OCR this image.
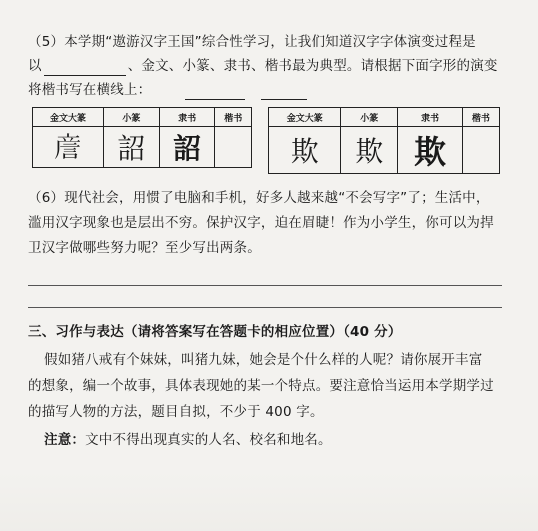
（5）本学期“遨游汉字王国”综合性学习，让我们知道汉字字体演变过程是
以	、金文、小篆、隶书、楷书最为典型。请根据下面字形的演变
将楷书写在横线上：
金文大篆	小篆	隶书	楷书
𧧑	詔	詔	
金文大篆	小篆	隶书	楷书
欺	欺	欺	
（6）现代社会，用惯了电脑和手机，好多人越来越“不会写字”了；生活中，
滥用汉字现象也是层出不穷。保护汉字，迫在眉睫！作为小学生，你可以为捍
卫汉字做哪些努力呢？至少写出两条。
三、习作与表达（请将答案写在答题卡的相应位置）（40 分）
假如猪八戒有个妹妹，叫猪九妹，她会是个什么样的人呢？请你展开丰富
的想象，编一个故事，具体表现她的某一个特点。要注意恰当运用本学期学过
的描写人物的方法，题目自拟，不少于 400 字。
注意：文中不得出现真实的人名、校名和地名。
